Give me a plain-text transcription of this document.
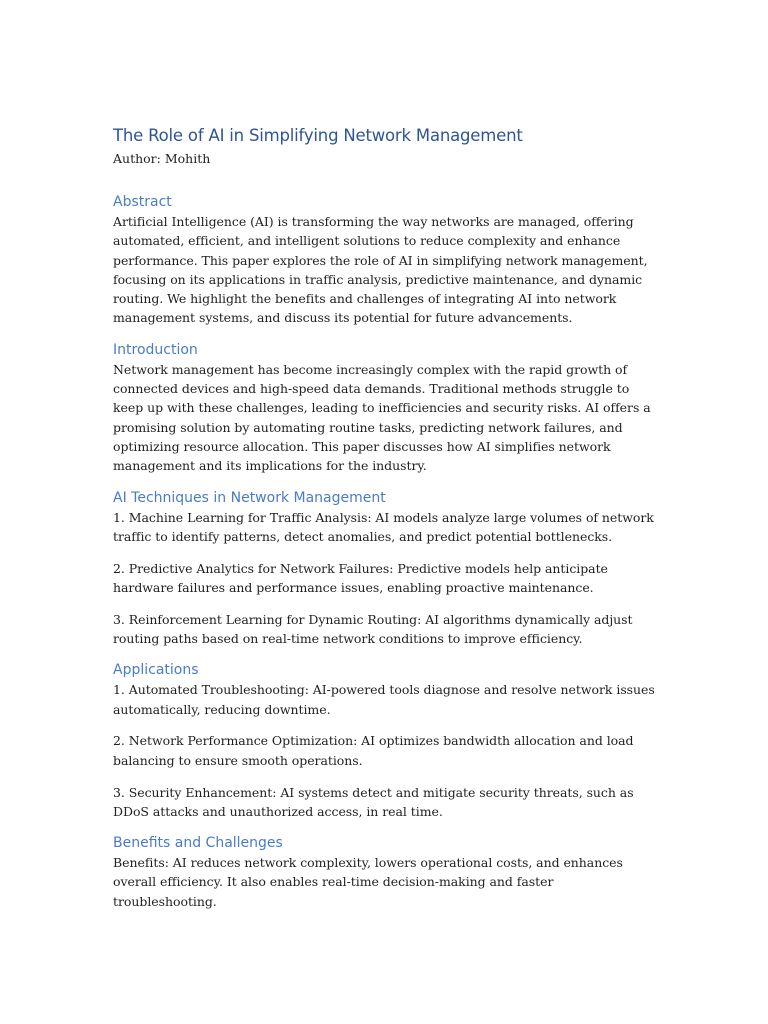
The Role of AI in Simplifying Network Management

Author: Mohith

Abstract

Artificial Intelligence (AI) is transforming the way networks are managed, offering automated, efficient, and intelligent solutions to reduce complexity and enhance performance. This paper explores the role of AI in simplifying network management, focusing on its applications in traffic analysis, predictive maintenance, and dynamic routing. We highlight the benefits and challenges of integrating AI into network management systems, and discuss its potential for future advancements.

Introduction

Network management has become increasingly complex with the rapid growth of connected devices and high-speed data demands. Traditional methods struggle to keep up with these challenges, leading to inefficiencies and security risks. AI offers a promising solution by automating routine tasks, predicting network failures, and optimizing resource allocation. This paper discusses how AI simplifies network management and its implications for the industry.

AI Techniques in Network Management

1. Machine Learning for Traffic Analysis: AI models analyze large volumes of network traffic to identify patterns, detect anomalies, and predict potential bottlenecks.

2. Predictive Analytics for Network Failures: Predictive models help anticipate hardware failures and performance issues, enabling proactive maintenance.

3. Reinforcement Learning for Dynamic Routing: AI algorithms dynamically adjust routing paths based on real-time network conditions to improve efficiency.

Applications

1. Automated Troubleshooting: AI-powered tools diagnose and resolve network issues automatically, reducing downtime.

2. Network Performance Optimization: AI optimizes bandwidth allocation and load balancing to ensure smooth operations.

3. Security Enhancement: AI systems detect and mitigate security threats, such as DDoS attacks and unauthorized access, in real time.

Benefits and Challenges

Benefits: AI reduces network complexity, lowers operational costs, and enhances overall efficiency. It also enables real-time decision-making and faster troubleshooting.
